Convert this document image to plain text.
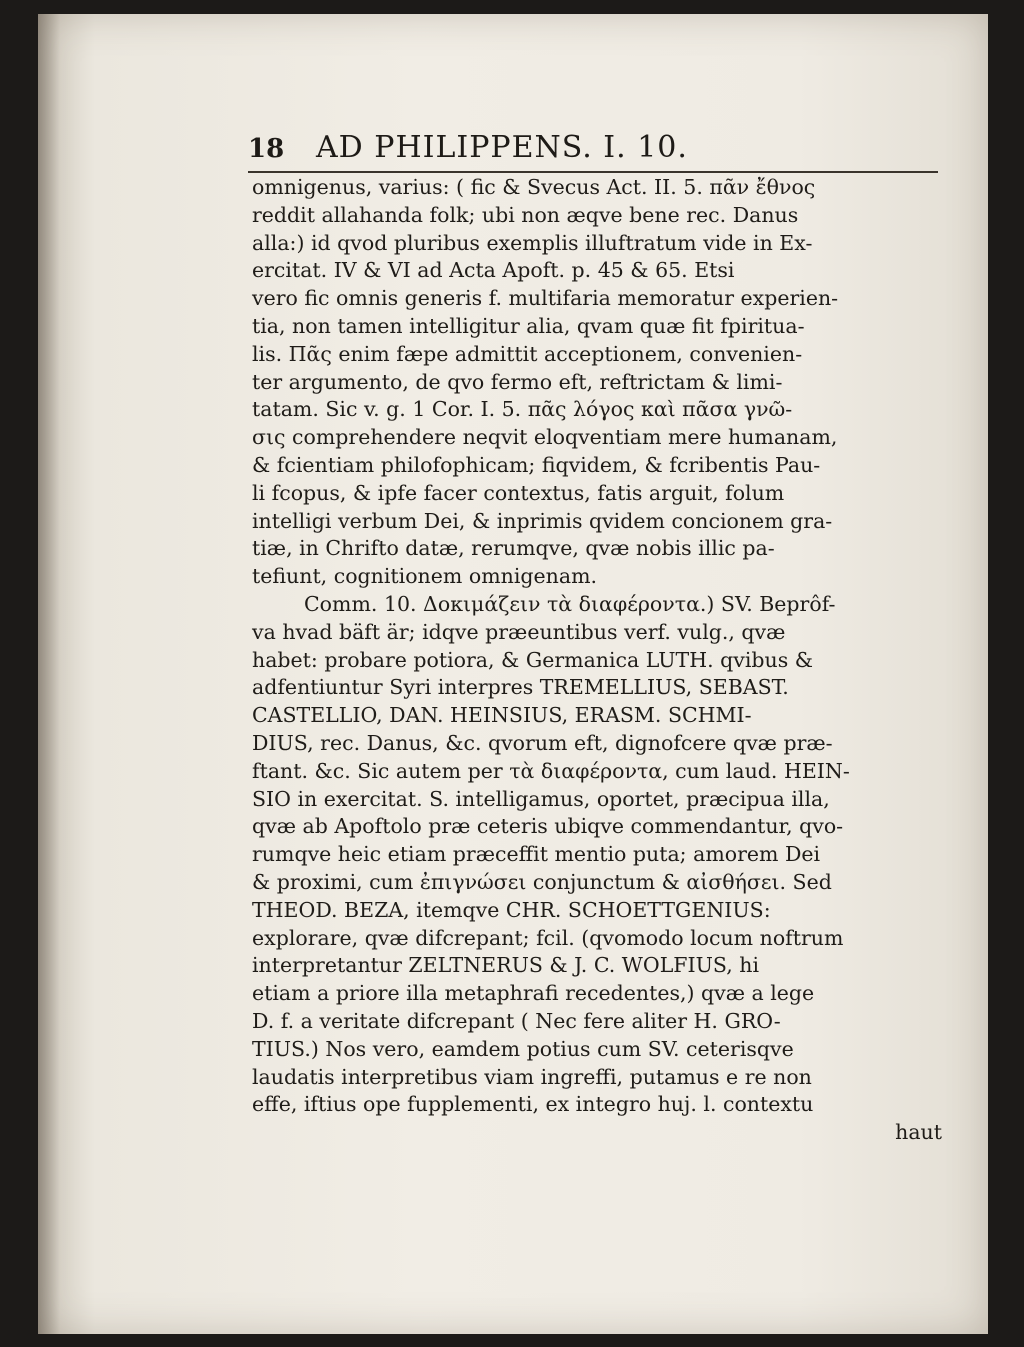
18 AD PHILIPPENS. I. 10.
omnigenus, varius: ( fic & Svecus Act. II. 5. πᾶν ἔθνος
reddit allahanda folk; ubi non æqve bene rec. Danus
alla:) id qvod pluribus exemplis illuftratum vide in Ex-
ercitat. IV & VI ad Acta Apoft. p. 45 & 65. Etsi
vero fic omnis generis f. multifaria memoratur experien-
tia, non tamen intelligitur alia, qvam quæ fit fpiritua-
lis. Πᾶς enim fæpe admittit acceptionem, convenien-
ter argumento, de qvo fermo eft, reftrictam & limi-
tatam. Sic v. g. 1 Cor. I. 5. πᾶς λόγος καὶ πᾶσα γνῶ-
σις comprehendere neqvit eloqventiam mere humanam,
& fcientiam philofophicam; fiqvidem, & fcribentis Pau-
li fcopus, & ipfe facer contextus, fatis arguit, folum
intelligi verbum Dei, & inprimis qvidem concionem gra-
tiæ, in Chrifto datæ, rerumqve, qvæ nobis illic pa-
tefiunt, cognitionem omnigenam.
Comm. 10. Δοκιμάζειν τὰ διαφέροντα.) SV. Beprôf-
va hvad bäft är; idqve præeuntibus verf. vulg., qvæ
habet: probare potiora, & Germanica LUTH. qvibus &
adfentiuntur Syri interpres TREMELLIUS, SEBAST.
CASTELLIO, DAN. HEINSIUS, ERASM. SCHMI-
DIUS, rec. Danus, &c. qvorum eft, dignofcere qvæ præ-
ftant. &c. Sic autem per τὰ διαφέροντα, cum laud. HEIN-
SIO in exercitat. S. intelligamus, oportet, præcipua illa,
qvæ ab Apoftolo præ ceteris ubiqve commendantur, qvo-
rumqve heic etiam præceffit mentio puta; amorem Dei
& proximi, cum ἐπιγνώσει conjunctum & αἰσθήσει. Sed
THEOD. BEZA, itemqve CHR. SCHOETTGENIUS:
explorare, qvæ difcrepant; fcil. (qvomodo locum noftrum
interpretantur ZELTNERUS & J. C. WOLFIUS, hi
etiam a priore illa metaphrafi recedentes,) qvæ a lege
D. f. a veritate difcrepant ( Nec fere aliter H. GRO-
TIUS.) Nos vero, eamdem potius cum SV. ceterisqve
laudatis interpretibus viam ingreffi, putamus e re non
effe, iftius ope fupplementi, ex integro huj. l. contextu
haut
